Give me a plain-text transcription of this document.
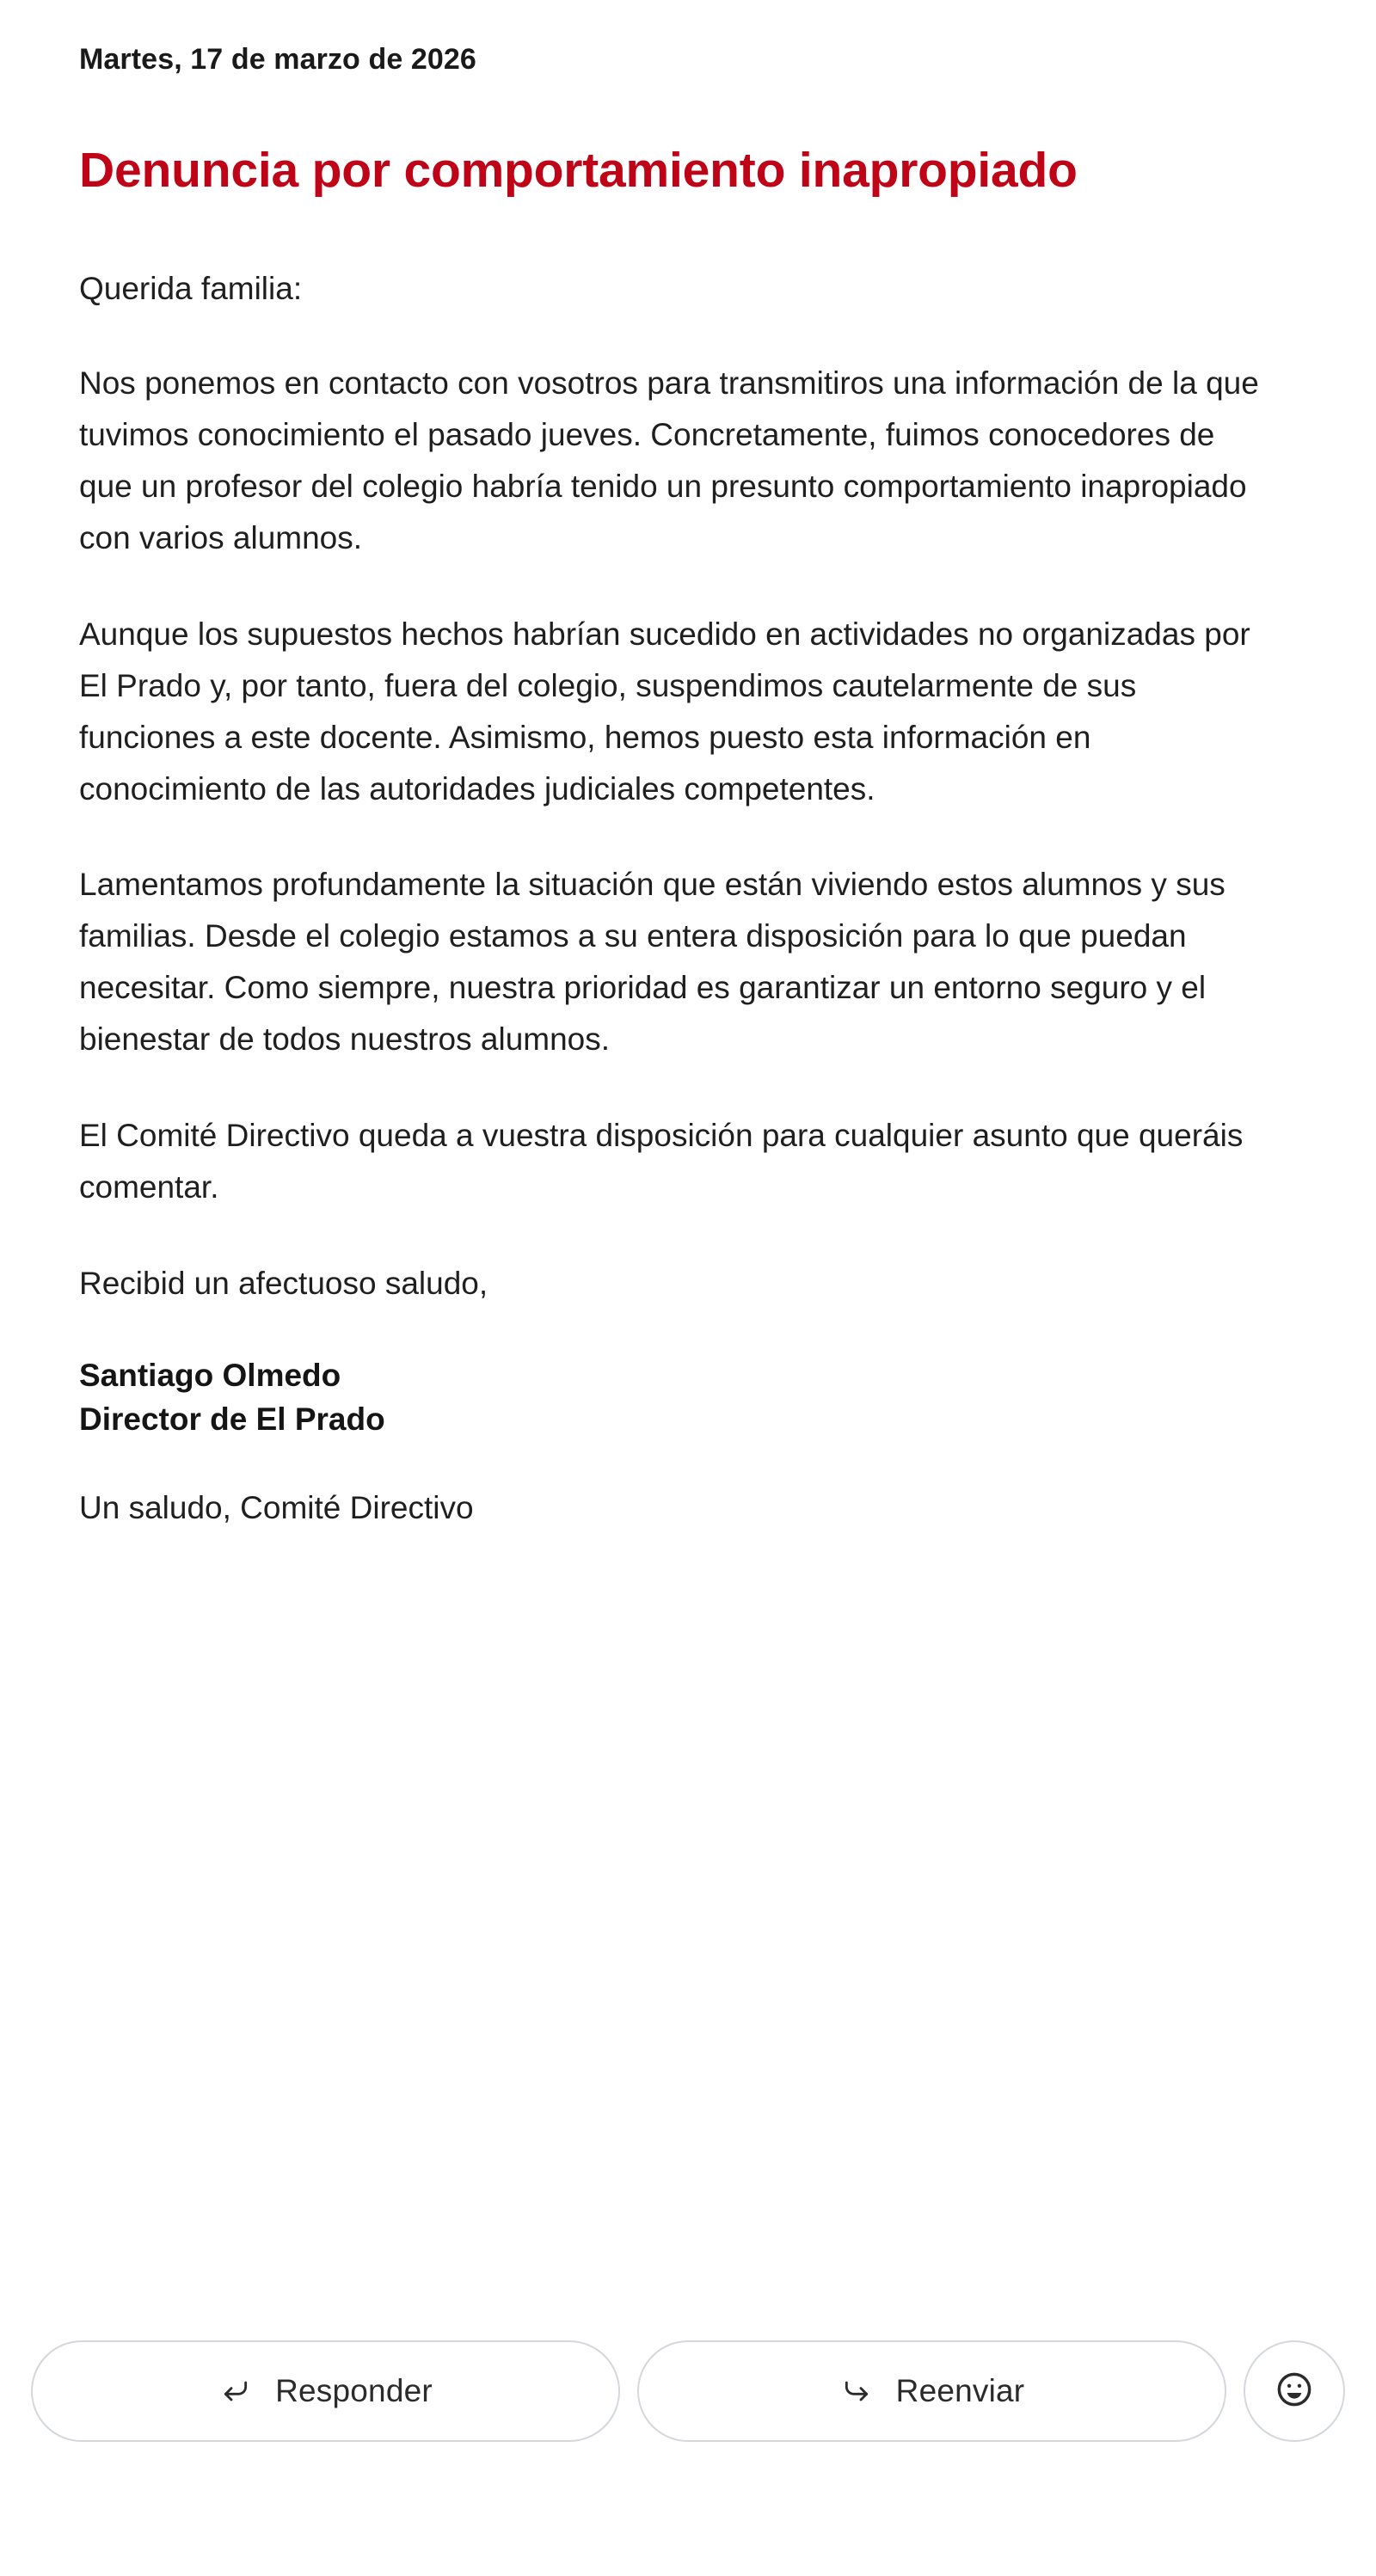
Martes, 17 de marzo de 2026
Denuncia por comportamiento inapropiado

Querida familia:

Nos ponemos en contacto con vosotros para transmitiros una información de la que tuvimos conocimiento el pasado jueves. Concretamente, fuimos conocedores de que un profesor del colegio habría tenido un presunto comportamiento inapropiado con varios alumnos.

Aunque los supuestos hechos habrían sucedido en actividades no organizadas por El Prado y, por tanto, fuera del colegio, suspendimos cautelarmente de sus funciones a este docente. Asimismo, hemos puesto esta información en conocimiento de las autoridades judiciales competentes.

Lamentamos profundamente la situación que están viviendo estos alumnos y sus familias. Desde el colegio estamos a su entera disposición para lo que puedan necesitar. Como siempre, nuestra prioridad es garantizar un entorno seguro y el bienestar de todos nuestros alumnos.

El Comité Directivo queda a vuestra disposición para cualquier asunto que queráis comentar.

Recibid un afectuoso saludo,

Santiago Olmedo
Director de El Prado

Un saludo, Comité Directivo

Responder	Reenviar
